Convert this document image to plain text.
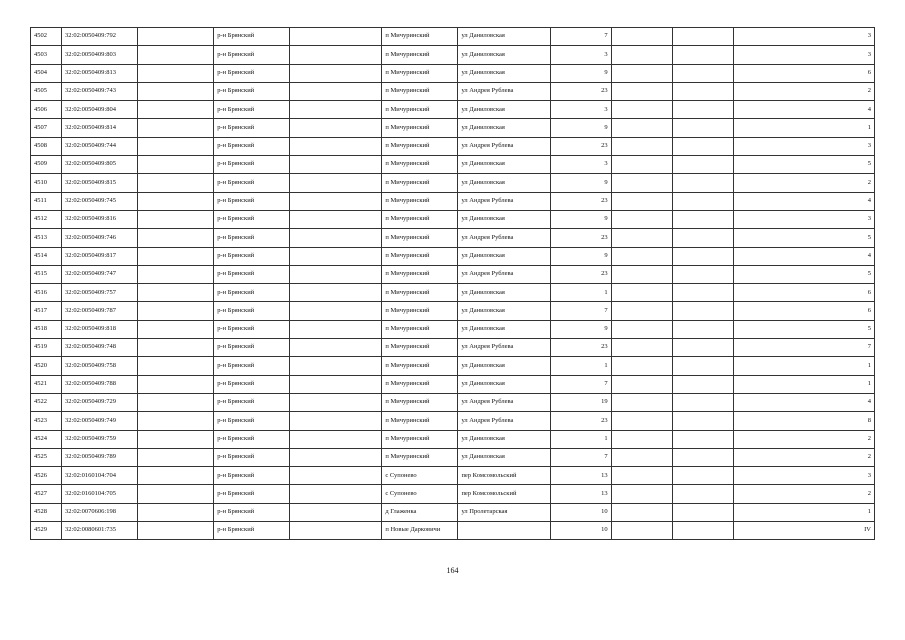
4502	32:02:0050409:792		р-н Брянский		п Мичуринский	ул Даниловская	7			3
4503	32:02:0050409:803		р-н Брянский		п Мичуринский	ул Даниловская	3			3
4504	32:02:0050409:813		р-н Брянский		п Мичуринский	ул Даниловская	9			6
4505	32:02:0050409:743		р-н Брянский		п Мичуринский	ул Андрея Рублева	23			2
4506	32:02:0050409:804		р-н Брянский		п Мичуринский	ул Даниловская	3			4
4507	32:02:0050409:814		р-н Брянский		п Мичуринский	ул Даниловская	9			1
4508	32:02:0050409:744		р-н Брянский		п Мичуринский	ул Андрея Рублева	23			3
4509	32:02:0050409:805		р-н Брянский		п Мичуринский	ул Даниловская	3			5
4510	32:02:0050409:815		р-н Брянский		п Мичуринский	ул Даниловская	9			2
4511	32:02:0050409:745		р-н Брянский		п Мичуринский	ул Андрея Рублева	23			4
4512	32:02:0050409:816		р-н Брянский		п Мичуринский	ул Даниловская	9			3
4513	32:02:0050409:746		р-н Брянский		п Мичуринский	ул Андрея Рублева	23			5
4514	32:02:0050409:817		р-н Брянский		п Мичуринский	ул Даниловская	9			4
4515	32:02:0050409:747		р-н Брянский		п Мичуринский	ул Андрея Рублева	23			5
4516	32:02:0050409:757		р-н Брянский		п Мичуринский	ул Даниловская	1			6
4517	32:02:0050409:787		р-н Брянский		п Мичуринский	ул Даниловская	7			6
4518	32:02:0050409:818		р-н Брянский		п Мичуринский	ул Даниловская	9			5
4519	32:02:0050409:748		р-н Брянский		п Мичуринский	ул Андрея Рублева	23			7
4520	32:02:0050409:758		р-н Брянский		п Мичуринский	ул Даниловская	1			1
4521	32:02:0050409:788		р-н Брянский		п Мичуринский	ул Даниловская	7			1
4522	32:02:0050409:729		р-н Брянский		п Мичуринский	ул Андрея Рублева	19			4
4523	32:02:0050409:749		р-н Брянский		п Мичуринский	ул Андрея Рублева	23			8
4524	32:02:0050409:759		р-н Брянский		п Мичуринский	ул Даниловская	1			2
4525	32:02:0050409:789		р-н Брянский		п Мичуринский	ул Даниловская	7			2
4526	32:02:0160104:704		р-н Брянский		с Супонево	пер Комсомольский	13			3
4527	32:02:0160104:705		р-н Брянский		с Супонево	пер Комсомольский	13			2
4528	32:02:0070606:198		р-н Брянский		д Глаженка	ул Пролетарская	10			1
4529	32:02:0080601:735		р-н Брянский		п Новые Дарковичи		10			IV
164
